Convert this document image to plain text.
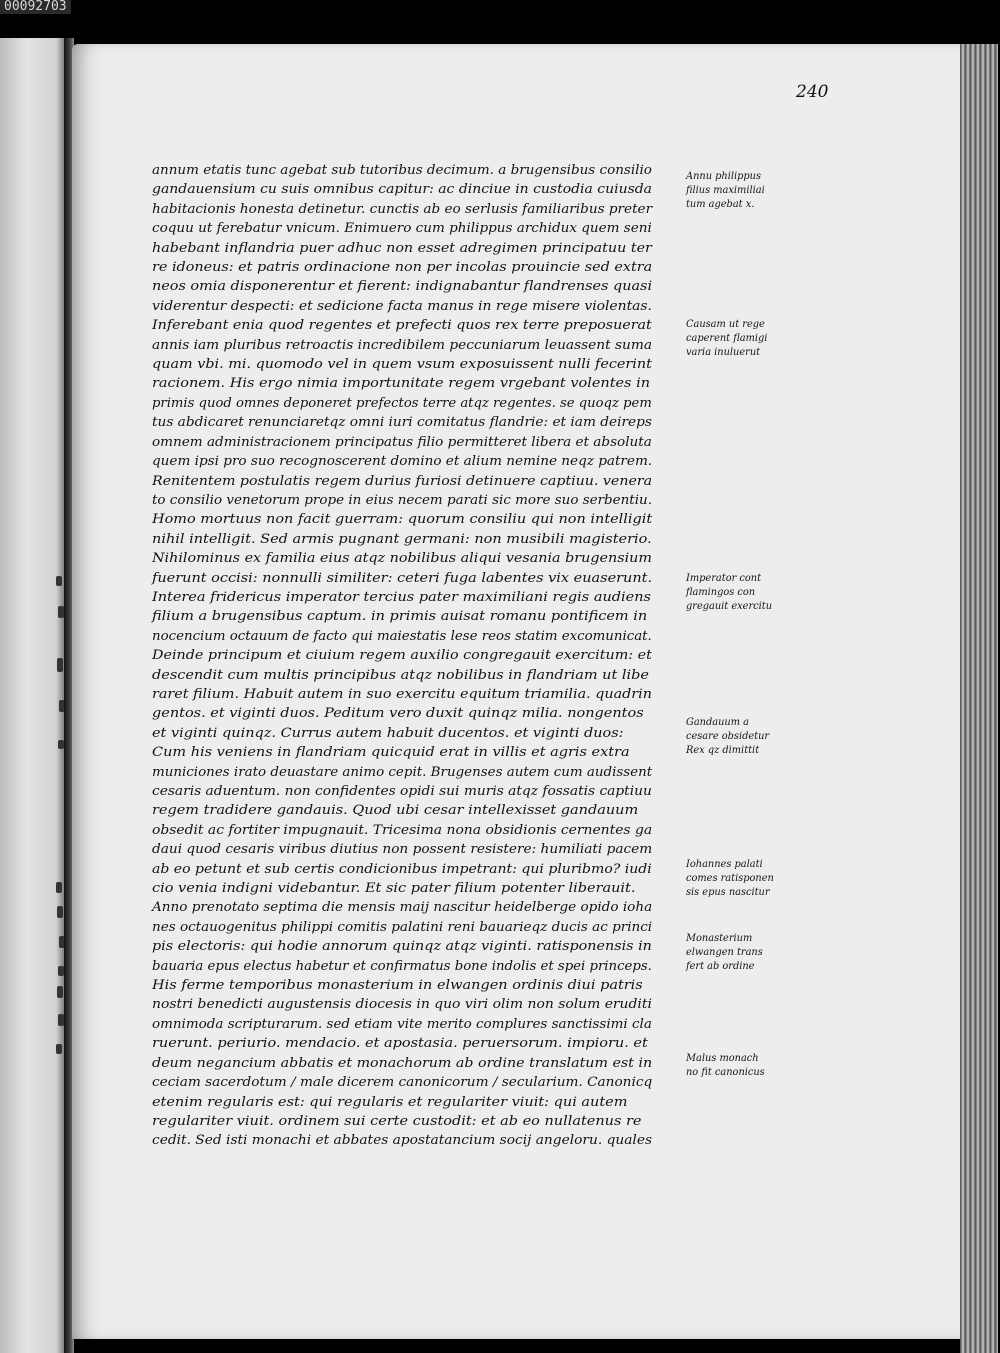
00092703
240
annum etatis tunc agebat sub tutoribus decimum. a brugensibus consilio
gandauensium cu suis omnibus capitur: ac dinciue in custodia cuiusda
habitacionis honesta detinetur. cunctis ab eo serlusis familiaribus preter
coquu ut ferebatur vnicum. Enimuero cum philippus archidux quem seni
habebant inflandria puer adhuc non esset adregimen principatuu ter
re idoneus: et patris ordinacione non per incolas prouincie sed extra
neos omia disponerentur et fierent: indignabantur flandrenses quasi
viderentur despecti: et sedicione facta manus in rege misere violentas.
Inferebant enia quod regentes et prefecti quos rex terre preposuerat
annis iam pluribus retroactis incredibilem peccuniarum leuassent suma
quam vbi. mi. quomodo vel in quem vsum exposuissent nulli fecerint
racionem. His ergo nimia importunitate regem vrgebant volentes in
primis quod omnes deponeret prefectos terre atqz regentes. se quoqz pem
tus abdicaret renunciaretqz omni iuri comitatus flandrie: et iam deireps
omnem administracionem principatus filio permitteret libera et absoluta
quem ipsi pro suo recognoscerent domino et alium nemine neqz patrem.
Renitentem postulatis regem durius furiosi detinuere captiuu. venera
to consilio venetorum prope in eius necem parati sic more suo serbentiu.
Homo mortuus non facit guerram: quorum consiliu qui non intelligit
nihil intelligit. Sed armis pugnant germani: non musibili magisterio.
Nihilominus ex familia eius atqz nobilibus aliqui vesania brugensium
fuerunt occisi: nonnulli similiter: ceteri fuga labentes vix euaserunt.
Interea fridericus imperator tercius pater maximiliani regis audiens
filium a brugensibus captum. in primis auisat romanu pontificem in
nocencium octauum de facto qui maiestatis lese reos statim excomunicat.
Deinde principum et ciuium regem auxilio congregauit exercitum: et
descendit cum multis principibus atqz nobilibus in flandriam ut libe
raret filium. Habuit autem in suo exercitu equitum triamilia. quadrin
gentos. et viginti duos. Peditum vero duxit quinqz milia. nongentos
et viginti quinqz. Currus autem habuit ducentos. et viginti duos:
Cum his veniens in flandriam quicquid erat in villis et agris extra
municiones irato deuastare animo cepit. Brugenses autem cum audissent
cesaris aduentum. non confidentes opidi sui muris atqz fossatis captiuu
regem tradidere gandauis. Quod ubi cesar intellexisset gandauum
obsedit ac fortiter impugnauit. Tricesima nona obsidionis cernentes ga
daui quod cesaris viribus diutius non possent resistere: humiliati pacem
ab eo petunt et sub certis condicionibus impetrant: qui pluribmo? iudi
cio venia indigni videbantur. Et sic pater filium potenter liberauit.
Anno prenotato septima die mensis maij nascitur heidelberge opido ioha
nes octauogenitus philippi comitis palatini reni bauarieqz ducis ac princi
pis electoris: qui hodie annorum quinqz atqz viginti. ratisponensis in
bauaria epus electus habetur et confirmatus bone indolis et spei princeps.
His ferme temporibus monasterium in elwangen ordinis diui patris
nostri benedicti augustensis diocesis in quo viri olim non solum eruditi
omnimoda scripturarum. sed etiam vite merito complures sanctissimi cla
ruerunt. periurio. mendacio. et apostasia. peruersorum. impioru. et
deum negancium abbatis et monachorum ab ordine translatum est in
ceciam sacerdotum / male dicerem canonicorum / secularium. Canonicq
etenim regularis est: qui regularis et regulariter viuit: qui autem
regulariter viuit. ordinem sui certe custodit: et ab eo nullatenus re
cedit. Sed isti monachi et abbates apostatancium socij angeloru. quales
Annu philippus
filius maximiliai
tum agebat x.
Causam ut rege
caperent flamigi
varia inuluerut
Imperator cont
flamingos con
gregauit exercitu
Gandauum a
cesare obsidetur
Rex qz dimittit
Iohannes palati
comes ratisponen
sis epus nascitur
Monasterium
elwangen trans
fert ab ordine
Malus monach
no fit canonicus
